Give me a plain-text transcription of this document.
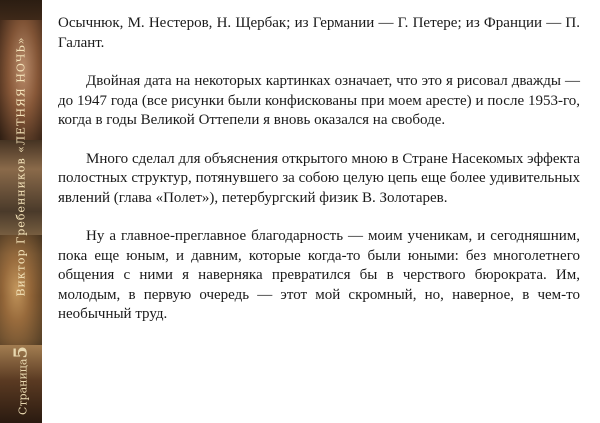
Виктор Гребенников «ЛЕТНЯЯ НОЧЬ»
Страница5

Осычнюк, М. Нестеров, Н. Щербак; из Германии — Г. Петере; из Франции — П. Галант.

Двойная дата на некоторых картинках означает, что это я рисовал дважды — до 1947 года (все рисунки были конфискованы при моем аресте) и после 1953-го, когда в годы Великой Оттепели я вновь оказался на свободе.

Много сделал для объяснения открытого мною в Стране Насекомых эффекта полостных структур, потянувшего за собою целую цепь еще более удивительных явлений (глава «Полет»), петербургский физик В. Золотарев.

Ну а главное-преглавное благодарность — моим ученикам, и сегодняшним, пока еще юным, и давним, которые когда-то были юными: без многолетнего общения с ними я наверняка превратился бы в черствого бюрократа. Им, молодым, в первую очередь — этот мой скромный, но, наверное, в чем-то необычный труд.
